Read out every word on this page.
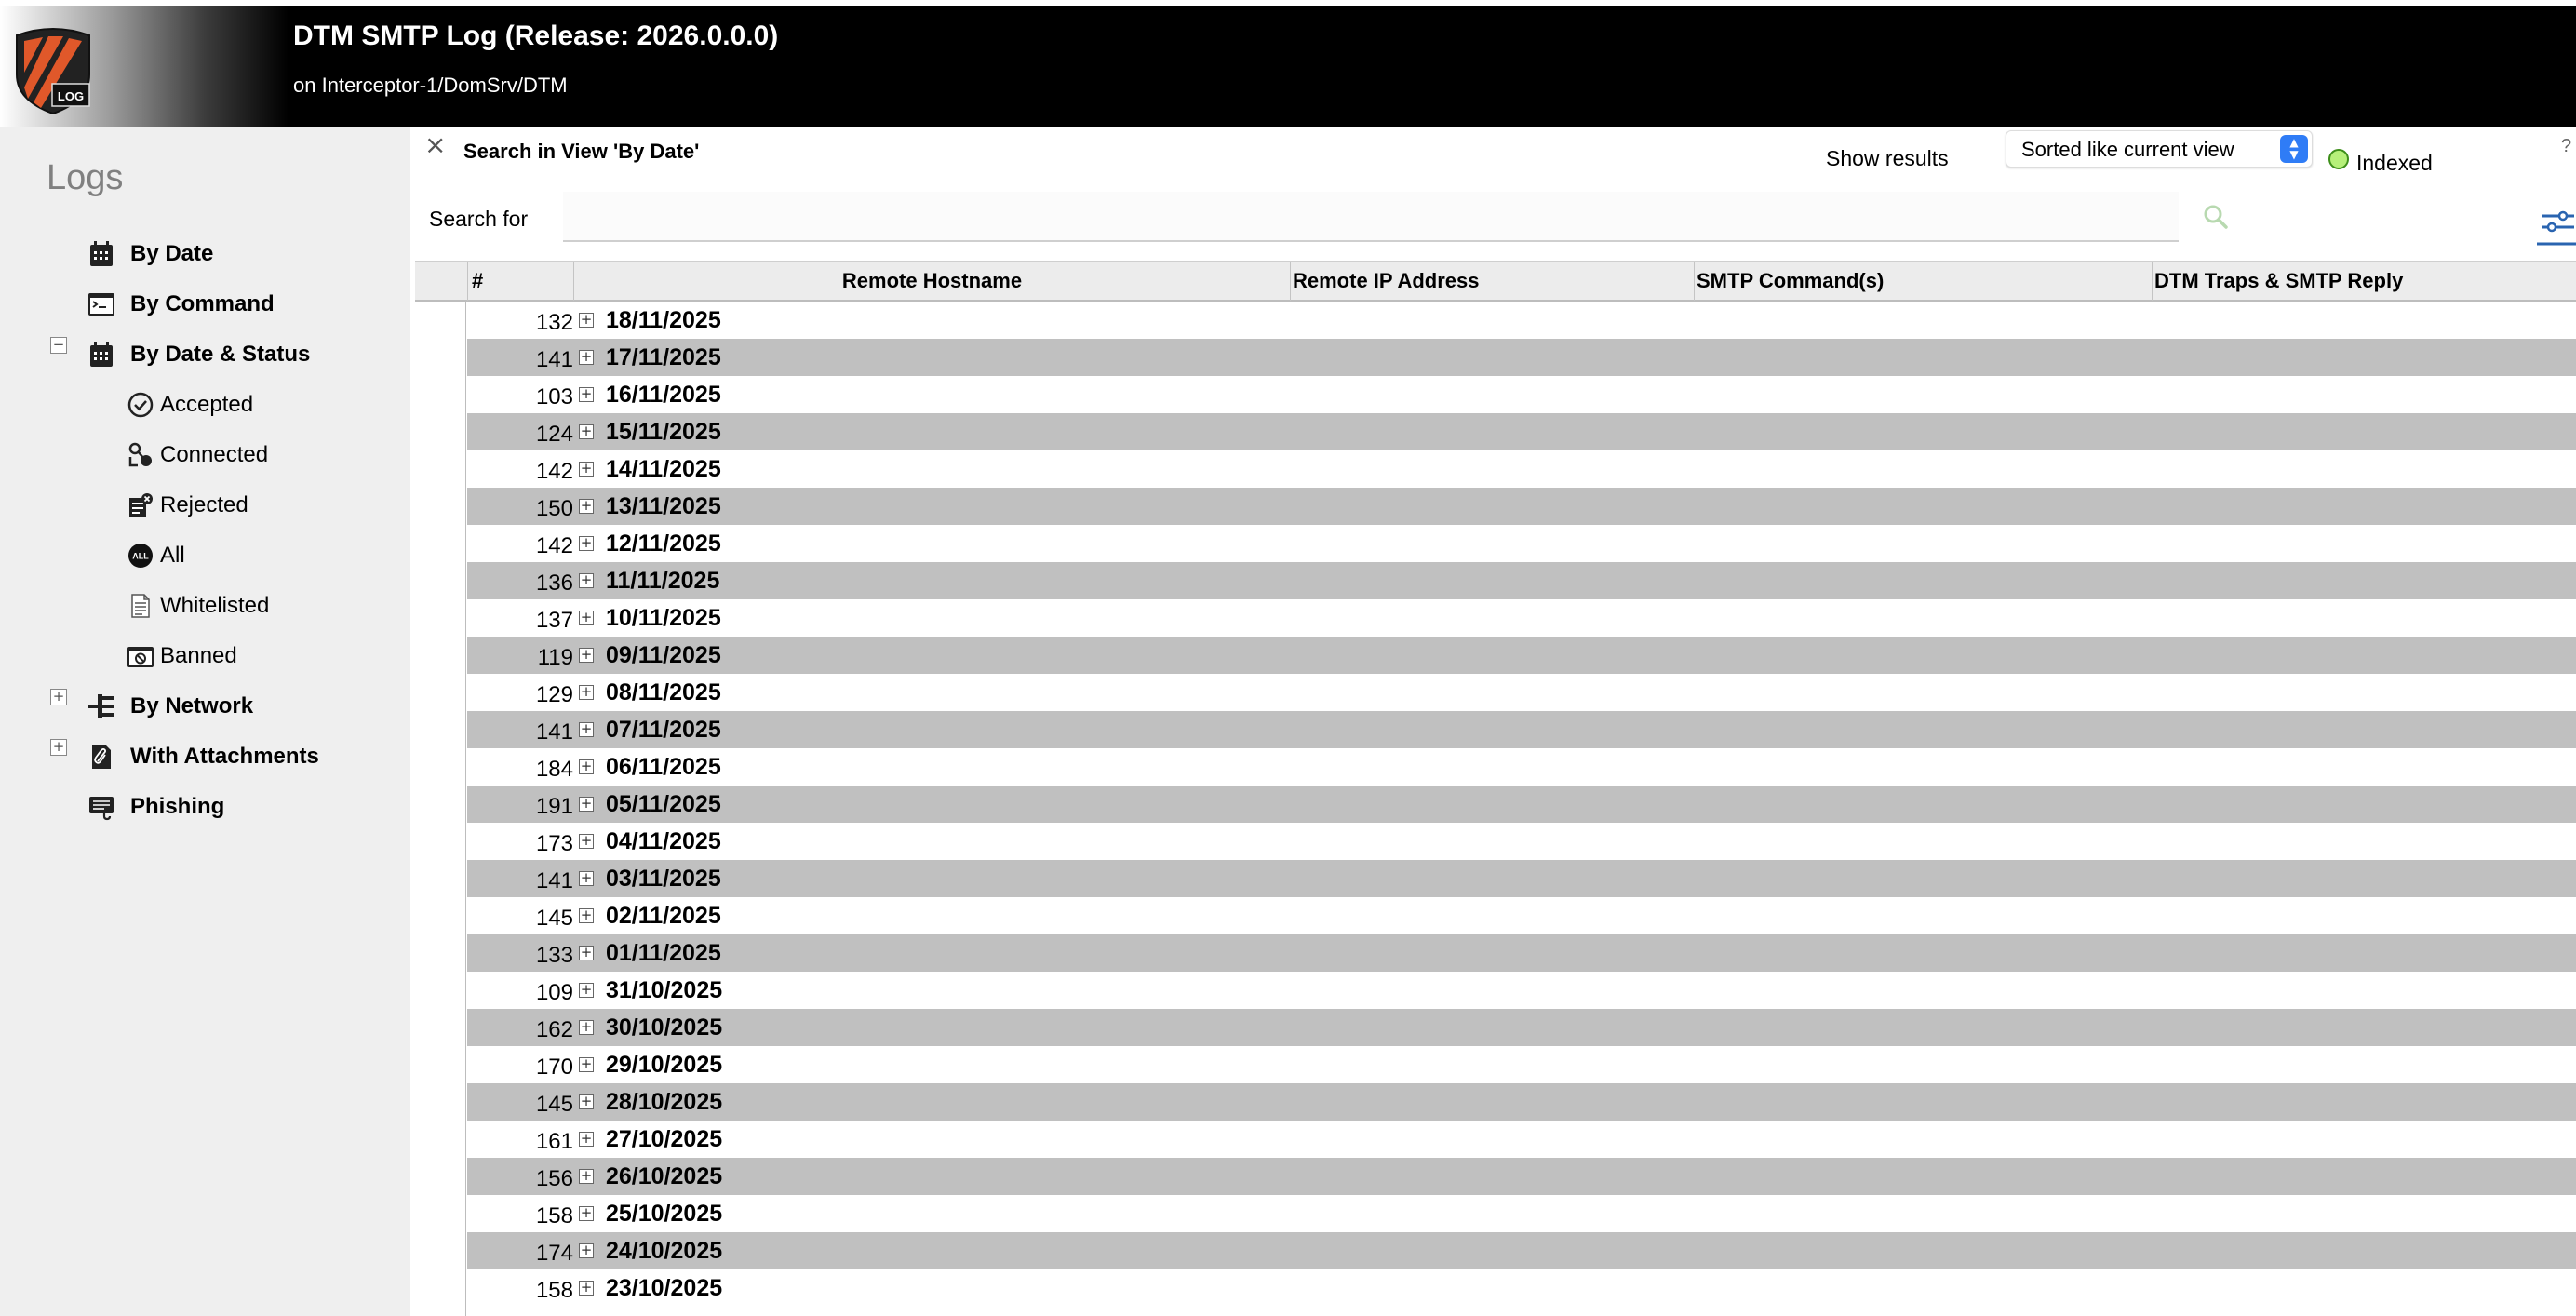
LOG
DTM SMTP Log (Release: 2026.0.0.0)
on Interceptor-1/DomSrv/DTM
Logs
By Date
By Command
−	By Date & Status
Accepted
Connected
Rejected
ALL All
Whitelisted
Banned
+	By Network
+	With Attachments
Phishing
× Search in View 'By Date'	Show results	Sorted like current view	▲
▼	Indexed
?
Search for
#	Remote Hostname	Remote IP Address	SMTP Command(s)	DTM Traps & SMTP Reply
132 + 18/11/2025
141 + 17/11/2025
103 + 16/11/2025
124 + 15/11/2025
142 + 14/11/2025
150 + 13/11/2025
142 + 12/11/2025
136 + 11/11/2025
137 + 10/11/2025
119 + 09/11/2025
129 + 08/11/2025
141 + 07/11/2025
184 + 06/11/2025
191 + 05/11/2025
173 + 04/11/2025
141 + 03/11/2025
145 + 02/11/2025
133 + 01/11/2025
109 + 31/10/2025
162 + 30/10/2025
170 + 29/10/2025
145 + 28/10/2025
161 + 27/10/2025
156 + 26/10/2025
158 + 25/10/2025
174 + 24/10/2025
158 + 23/10/2025
